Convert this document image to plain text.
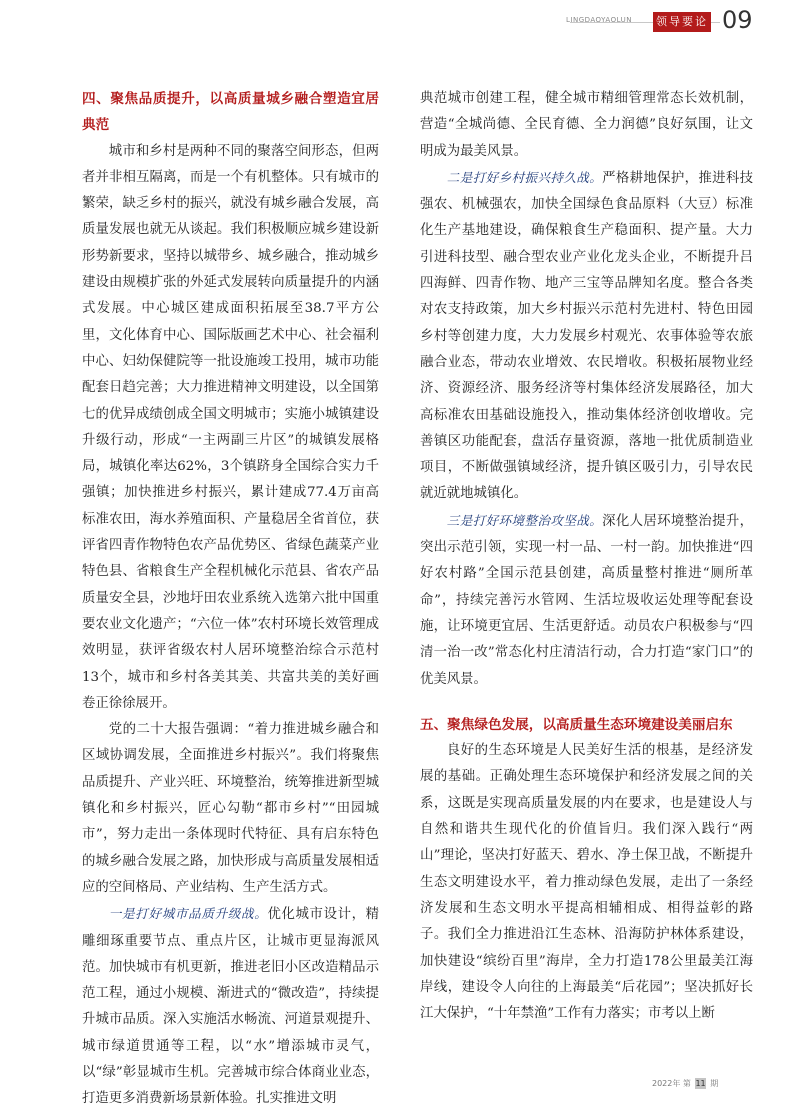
LINGDAOYAOLUN 领导要论 09
四、聚焦品质提升，以高质量城乡融合塑造宜居典范

城市和乡村是两种不同的聚落空间形态，但两者并非相互隔离，而是一个有机整体。只有城市的繁荣，缺乏乡村的振兴，就没有城乡融合发展，高质量发展也就无从谈起。我们积极顺应城乡建设新形势新要求，坚持以城带乡、城乡融合，推动城乡建设由规模扩张的外延式发展转向质量提升的内涵式发展。中心城区建成面积拓展至38.7平方公里，文化体育中心、国际版画艺术中心、社会福利中心、妇幼保健院等一批设施竣工投用，城市功能配套日趋完善；大力推进精神文明建设，以全国第七的优异成绩创成全国文明城市；实施小城镇建设升级行动，形成“一主两副三片区”的城镇发展格局，城镇化率达62%，3个镇跻身全国综合实力千强镇；加快推进乡村振兴，累计建成77.4万亩高标准农田，海水养殖面积、产量稳居全省首位，获评省四青作物特色农产品优势区、省绿色蔬菜产业特色县、省粮食生产全程机械化示范县、省农产品质量安全县，沙地圩田农业系统入选第六批中国重要农业文化遗产；“六位一体”农村环境长效管理成效明显，获评省级农村人居环境整治综合示范村13个，城市和乡村各美其美、共富共美的美好画卷正徐徐展开。

党的二十大报告强调：“着力推进城乡融合和区域协调发展，全面推进乡村振兴”。我们将聚焦品质提升、产业兴旺、环境整治，统筹推进新型城镇化和乡村振兴，匠心勾勒“都市乡村”“田园城市”，努力走出一条体现时代特征、具有启东特色的城乡融合发展之路，加快形成与高质量发展相适应的空间格局、产业结构、生产生活方式。

一是打好城市品质升级战。优化城市设计，精雕细琢重要节点、重点片区，让城市更显海派风范。加快城市有机更新，推进老旧小区改造精品示范工程，通过小规模、渐进式的“微改造”，持续提升城市品质。深入实施活水畅流、河道景观提升、城市绿道贯通等工程，以“水”增添城市灵气，以“绿”彰显城市生机。完善城市综合体商业业态，打造更多消费新场景新体验。扎实推进文明

典范城市创建工程，健全城市精细管理常态长效机制，营造“全城尚德、全民育德、全力润德”良好氛围，让文明成为最美风景。

二是打好乡村振兴持久战。严格耕地保护，推进科技强农、机械强农，加快全国绿色食品原料（大豆）标准化生产基地建设，确保粮食生产稳面积、提产量。大力引进科技型、融合型农业产业化龙头企业，不断提升吕四海鲜、四青作物、地产三宝等品牌知名度。整合各类对农支持政策，加大乡村振兴示范村先进村、特色田园乡村等创建力度，大力发展乡村观光、农事体验等农旅融合业态，带动农业增效、农民增收。积极拓展物业经济、资源经济、服务经济等村集体经济发展路径，加大高标准农田基础设施投入，推动集体经济创收增收。完善镇区功能配套，盘活存量资源，落地一批优质制造业项目，不断做强镇域经济，提升镇区吸引力，引导农民就近就地城镇化。

三是打好环境整治攻坚战。深化人居环境整治提升，突出示范引领，实现一村一品、一村一韵。加快推进“四好农村路”全国示范县创建，高质量整村推进“厕所革命”，持续完善污水管网、生活垃圾收运处理等配套设施，让环境更宜居、生活更舒适。动员农户积极参与“四清一治一改”常态化村庄清洁行动，合力打造“家门口”的优美风景。

五、聚焦绿色发展，以高质量生态环境建设美丽启东

良好的生态环境是人民美好生活的根基，是经济发展的基础。正确处理生态环境保护和经济发展之间的关系，这既是实现高质量发展的内在要求，也是建设人与自然和谐共生现代化的价值旨归。我们深入践行“两山”理论，坚决打好蓝天、碧水、净土保卫战，不断提升生态文明建设水平，着力推动绿色发展，走出了一条经济发展和生态文明水平提高相辅相成、相得益彰的路子。我们全力推进沿江生态林、沿海防护林体系建设，加快建设“缤纷百里”海岸，全力打造178公里最美江海岸线，建设令人向往的上海最美“后花园”；坚决抓好长江大保护，“十年禁渔”工作有力落实；市考以上断

2022年 第 11 期
